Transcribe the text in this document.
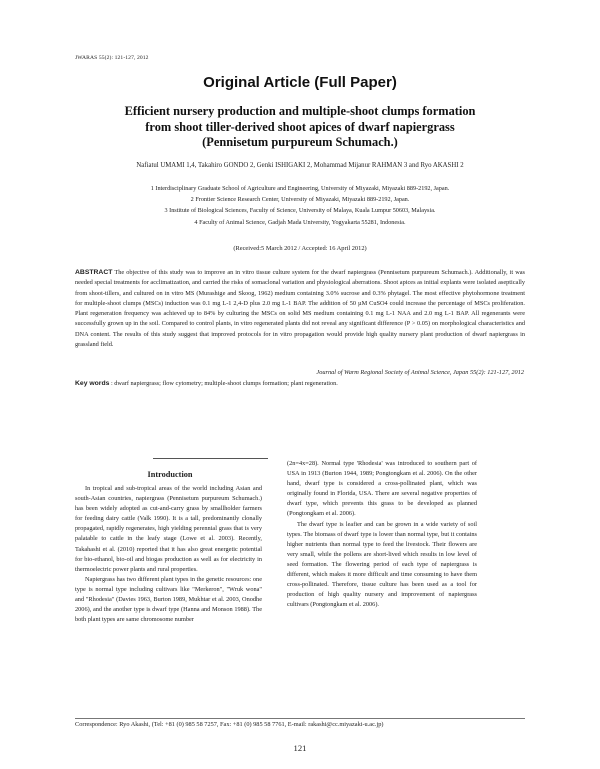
JWARAS 55(2): 121-127, 2012
Original Article (Full Paper)
Efficient nursery production and multiple-shoot clumps formation
from shoot tiller-derived shoot apices of dwarf napiergrass
(Pennisetum purpureum Schumach.)
Nafiatul UMAMI 1,4, Takahiro GONDO 2, Genki ISHIGAKI 2, Mohammad Mijanur RAHMAN 3 and Ryo AKASHI 2
1 Interdisciplinary Graduate School of Agriculture and Engineering, University of Miyazaki, Miyazaki 889-2192, Japan.
2 Frontier Science Research Center, University of Miyazaki, Miyazaki 889-2192, Japan.
3 Institute of Biological Sciences, Faculty of Science, University of Malaya, Kuala Lumpur 50603, Malaysia.
4 Faculty of Animal Science, Gadjah Mada University, Yogyakarta 55281, Indonesia.
(Received:5 March 2012 / Accepted: 16 April 2012)
ABSTRACT The objective of this study was to improve an in vitro tissue culture system for the dwarf napiergrass (Pennisetum purpureum Schumach.). Additionally, it was needed special treatments for acclimatization, and carried the risks of somaclonal variation and physiological aberrations. Shoot apices as initial explants were isolated aseptically from shoot-tillers, and cultured on in vitro MS (Murashige and Skoog, 1962) medium containing 3.0% sucrose and 0.3% phytagel. The most effective phytohormone treatment for multiple-shoot clumps (MSCs) induction was 0.1 mg L-1 2,4-D plus 2.0 mg L-1 BAP. The addition of 50 µM CuSO4 could increase the percentage of MSCs proliferation. Plant regeneration frequency was achieved up to 84% by culturing the MSCs on solid MS medium containing 0.1 mg L-1 NAA and 2.0 mg L-1 BAP. All regenerants were successfully grown up in the soil. Compared to control plants, in vitro regenerated plants did not reveal any significant difference (P > 0.05) on morphological characteristics and DNA content. The results of this study suggest that improved protocols for in vitro propagation would provide high quality nursery plant production of dwarf napiergrass in grassland field.
Journal of Warm Regional Society of Animal Science, Japan 55(2): 121-127, 2012
Key words : dwarf napiergrass; flow cytometry; multiple-shoot clumps formation; plant regeneration.
Introduction

In tropical and sub-tropical areas of the world including Asian and south-Asian countries, napiergrass (Pennisetum purpureum Schumach.) has been widely adopted as cut-and-carry grass by smallholder farmers for feeding dairy cattle (Valk 1990). It is a tall, predominantly clonally propagated, rapidly regenerates, high yielding perennial grass that is very palatable to cattle in the leafy stage (Lowe et al. 2003). Recently, Takahashi et al. (2010) reported that it has also great energetic potential for bio-ethanol, bio-oil and biogas production as well as for electricity in thermoelectric power plants and rural properties.

Napiergrass has two different plant types in the genetic resources: one type is normal type including cultivars like "Merkeron", "Wruk wona" and "Rhodesia" (Davies 1963, Burton 1989, Mukhtar et al. 2003, Onodhe 2006), and the another type is dwarf type (Hanna and Monson 1988). The both plant types are same chromosome number

(2n=4x=28). Normal type 'Rhodesia' was introduced to southern part of USA in 1913 (Burton 1944, 1989; Pongtongkam et al. 2006). On the other hand, dwarf type is considered a cross-pollinated plant, which was originally found in Florida, USA. There are several negative properties of dwarf type, which prevents this grass to be developed as planned (Pongtongkam et al. 2006).

The dwarf type is leafier and can be grown in a wide variety of soil types. The biomass of dwarf type is lower than normal type, but it contains higher nutrients than normal type to feed the livestock. Their flowers are very small, while the pollens are short-lived which results in low level of seed formation. The flowering period of each type of napiergrass is different, which makes it more difficult and time consuming to have them cross-pollinated. Therefore, tissue culture has been used as a tool for production of high quality nursery and improvement of napiergrass cultivars (Pongtongkam et al. 2006).

Correspondence: Ryo Akashi, (Tel: +81 (0) 985 58 7257, Fax: +81 (0) 985 58 7761, E-mail: rakashi@cc.miyazaki-u.ac.jp)
121
